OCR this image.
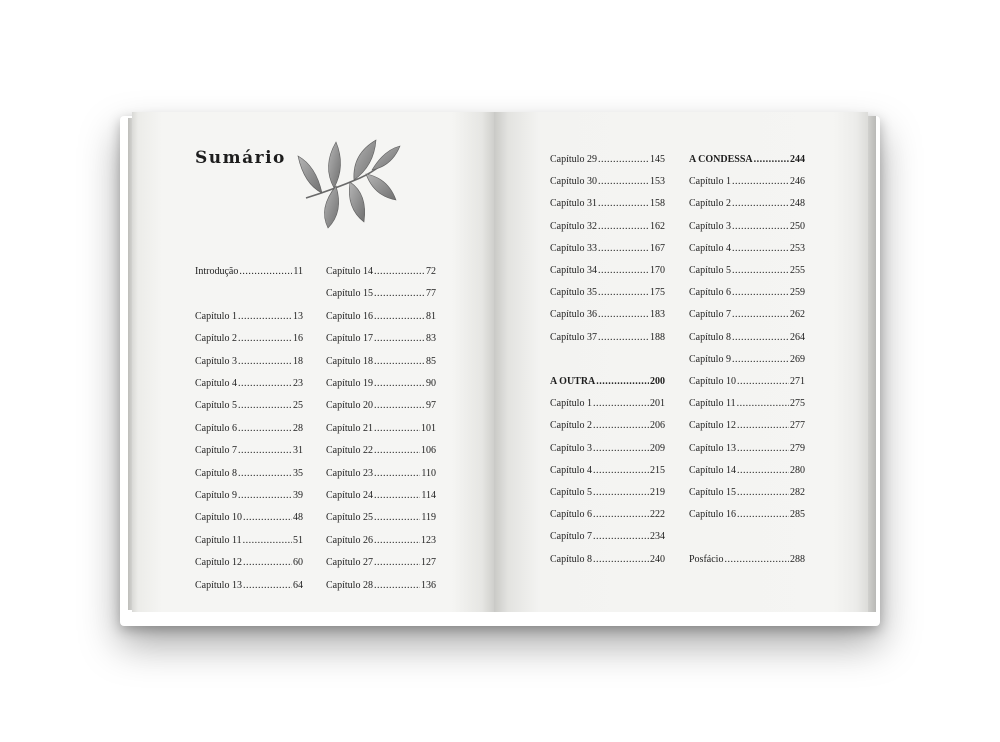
Sumário
Introdução .....	11
Capítulo 1 .....	13
Capítulo 2 .....	16
Capítulo 3 .....	18
Capítulo 4 .....	23
Capítulo 5 .....	25
Capítulo 6 .....	28
Capítulo 7 .....	31
Capítulo 8 .....	35
Capítulo 9 .....	39
Capítulo 10 .....	48
Capítulo 11 .....	51
Capítulo 12 .....	60
Capítulo 13 .....	64
Capítulo 14 .....	72
Capítulo 15 .....	77
Capítulo 16 .....	81
Capítulo 17 .....	83
Capítulo 18 .....	85
Capítulo 19 .....	90
Capítulo 20 .....	97
Capítulo 21 .....	101
Capítulo 22 .....	106
Capítulo 23 .....	110
Capítulo 24 .....	114
Capítulo 25 .....	119
Capítulo 26 .....	123
Capítulo 27 .....	127
Capítulo 28 .....	136
Capítulo 29 .....	145
Capítulo 30 .....	153
Capítulo 31 .....	158
Capítulo 32 .....	162
Capítulo 33 .....	167
Capítulo 34 .....	170
Capítulo 35 .....	175
Capítulo 36 .....	183
Capítulo 37 .....	188
A OUTRA .....	200
Capítulo 1 .....	201
Capítulo 2 .....	206
Capítulo 3 .....	209
Capítulo 4 .....	215
Capítulo 5 .....	219
Capítulo 6 .....	222
Capítulo 7 .....	234
Capítulo 8 .....	240
A CONDESSA .....	244
Capítulo 1 .....	246
Capítulo 2 .....	248
Capítulo 3 .....	250
Capítulo 4 .....	253
Capítulo 5 .....	255
Capítulo 6 .....	259
Capítulo 7 .....	262
Capítulo 8 .....	264
Capítulo 9 .....	269
Capítulo 10 .....	271
Capítulo 11 .....	275
Capítulo 12 .....	277
Capítulo 13 .....	279
Capítulo 14 .....	280
Capítulo 15 .....	282
Capítulo 16 .....	285
Posfácio .....	288
